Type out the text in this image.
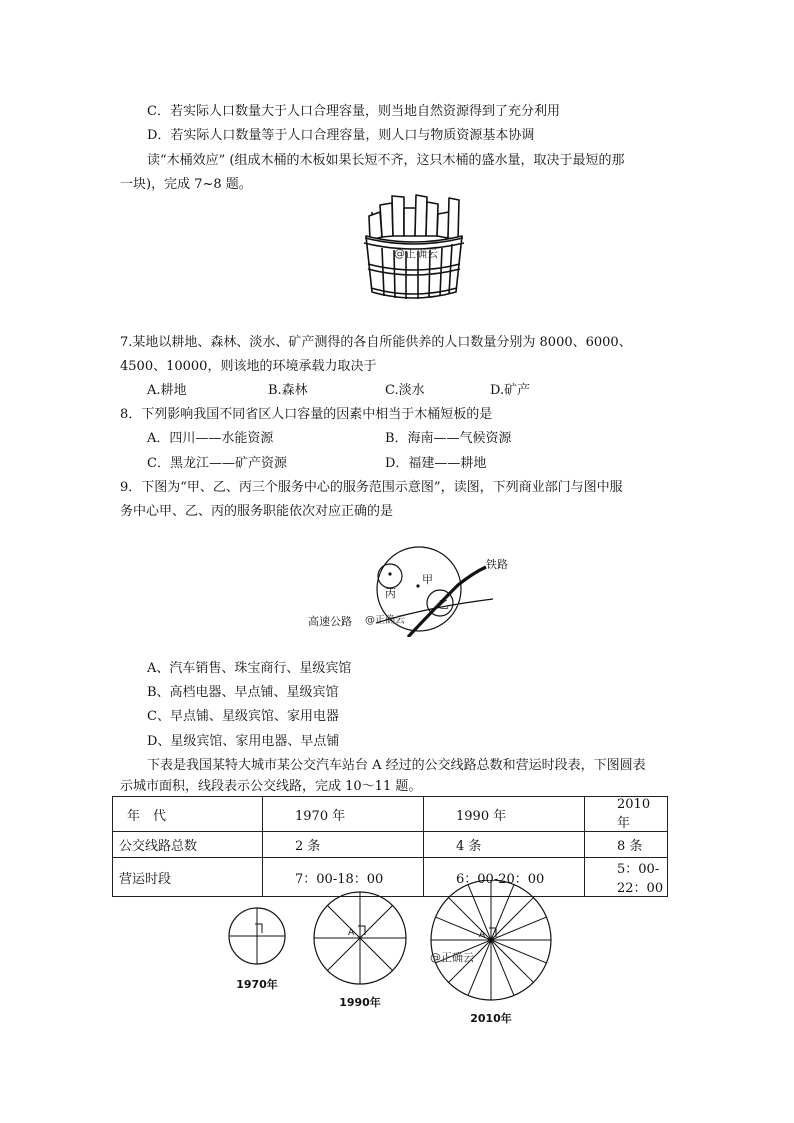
C．若实际人口数量大于人口合理容量，则当地自然资源得到了充分利用
D．若实际人口数量等于人口合理容量，则人口与物质资源基本协调
读“木桶效应” (组成木桶的木板如果长短不齐，这只木桶的盛水量，取决于最短的那
一块)，完成 7~8 题。
@正确云
7.某地以耕地、森林、淡水、矿产测得的各自所能供养的人口数量分别为 8000、6000、
4500、10000，则该地的环境承载力取决于
A.耕地	B.森林	C.淡水	D.矿产
8．下列影响我国不同省区人口容量的因素中相当于木桶短板的是
A．四川——水能资源	B．海南——气候资源
C．黑龙江——矿产资源	D．福建——耕地
9．下图为“甲、乙、丙三个服务中心的服务范围示意图”，读图，下列商业部门与图中服
务中心甲、乙、丙的服务职能依次对应正确的是
甲
丙
乙
铁路
高速公路 @正确云
A、汽车销售、珠宝商行、星级宾馆
B、高档电器、早点铺、星级宾馆
C、早点铺、星级宾馆、家用电器
D、星级宾馆、家用电器、早点铺
下表是我国某特大城市某公交汽车站台 A 经过的公交线路总数和营运时段表，下图圆表
示城市面积，线段表示公交线路，完成 10～11 题。
年　代	1970 年	1990 年	2010 年
公交线路总数	2 条	4 条	8 条
营运时段	7：00-18：00	6：00-20：00	5：00-22：00
1970年
A
1990年
A
2010年
@正确云
